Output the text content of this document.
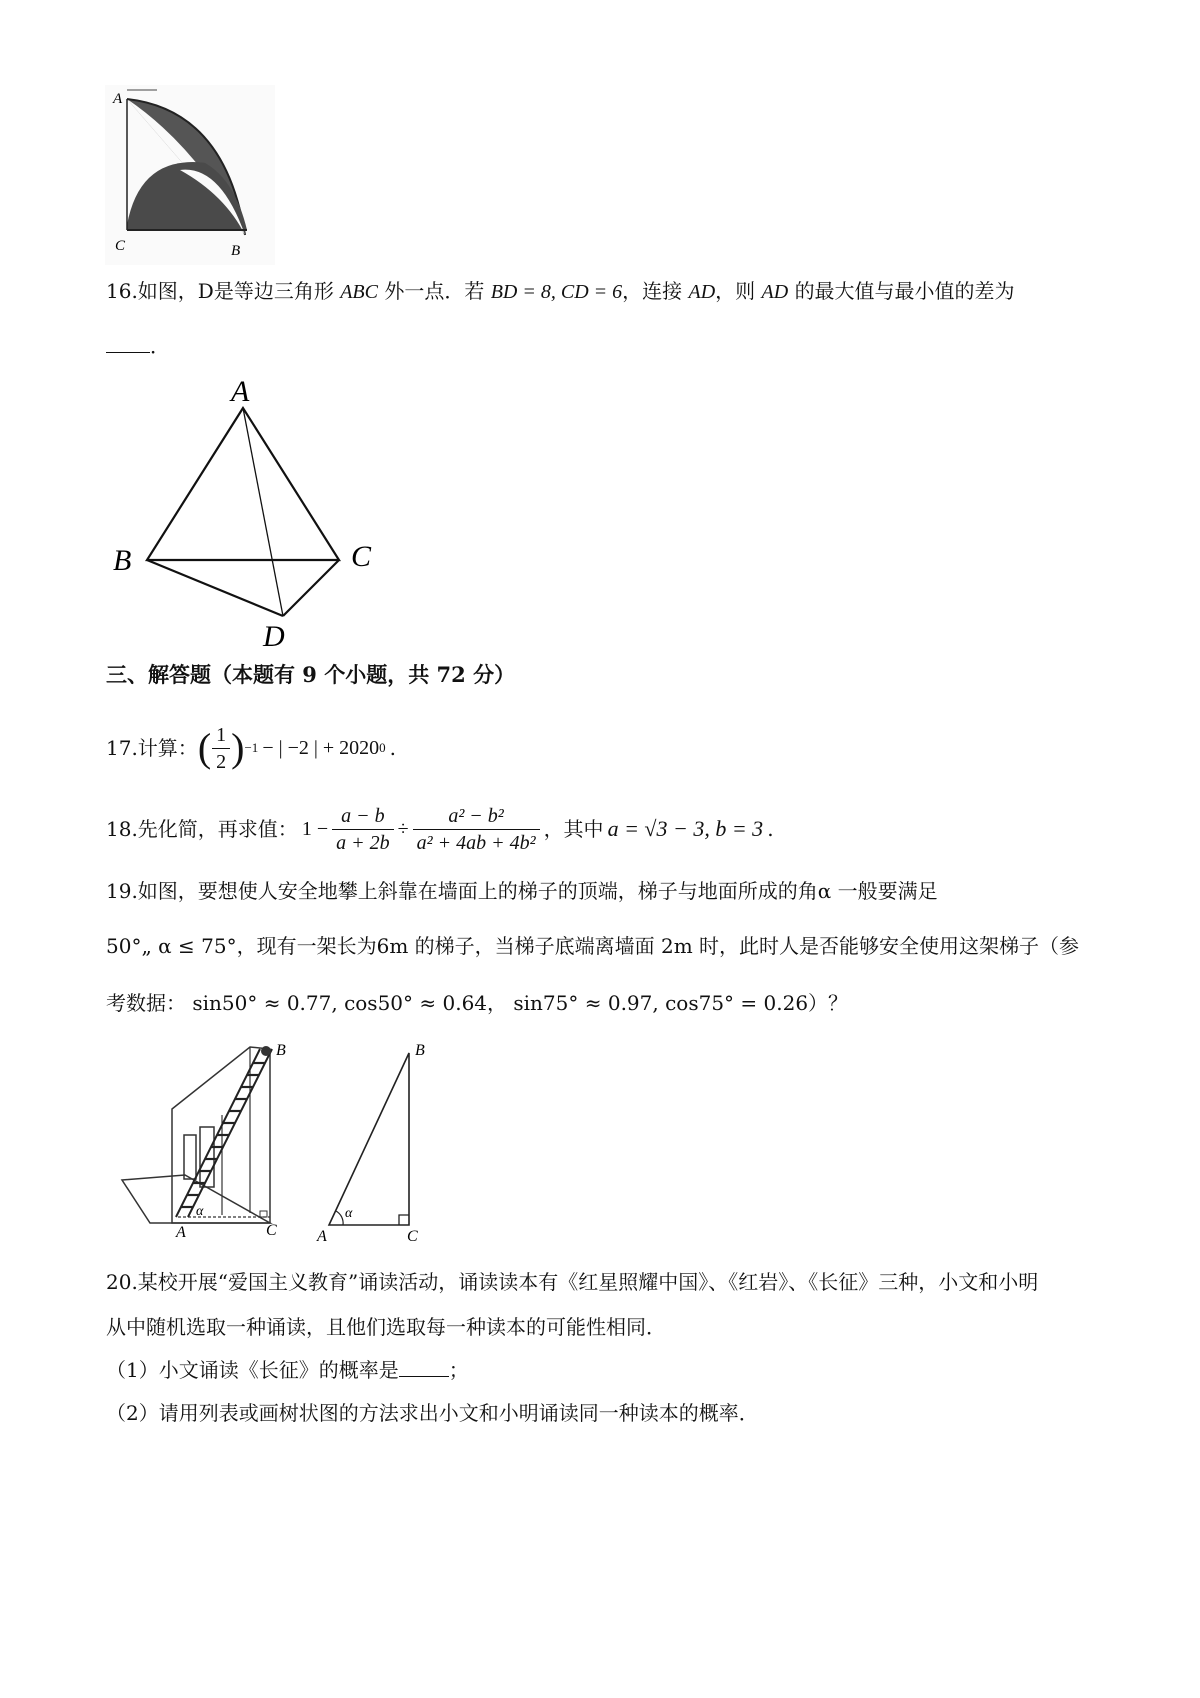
A
C	B
16.如图，D是等边三角形 ABC 外一点．若 BD = 8, CD = 6，连接 AD，则 AD 的最大值与最小值的差为
．
A
B	C
D
三、解答题（本题有 9 个小题，共 72 分）
17.计算： ( $\frac{1}{2}$ ) −1 − | −2 | + 2020 0 .
18.先化简，再求值： $1 - \frac{a - b}{a + 2b} \div \frac{\text{a² − b²}}{\text{a² + 4ab + 4b²}}$ ，其中 a = √3 − 3, b = 3 .
19.如图，要想使人安全地攀上斜靠在墙面上的梯子的顶端，梯子与地面所成的角α 一般要满足
50°„ α ≤ 75°，现有一架长为6m 的梯子，当梯子底端离墙面 2m 时，此时人是否能够安全使用这架梯子（参
考数据： sin50° ≈ 0.77, cos50° ≈ 0.64， sin75° ≈ 0.97, cos75° = 0.26）？
B
α
A	C
B
α
A	C
20.某校开展“爱国主义教育”诵读活动，诵读读本有《红星照耀中国》、《红岩》、《长征》三种，小文和小明
从中随机选取一种诵读，且他们选取每一种读本的可能性相同．
（1）小文诵读《长征》的概率是	；
（2）请用列表或画树状图的方法求出小文和小明诵读同一种读本的概率．
